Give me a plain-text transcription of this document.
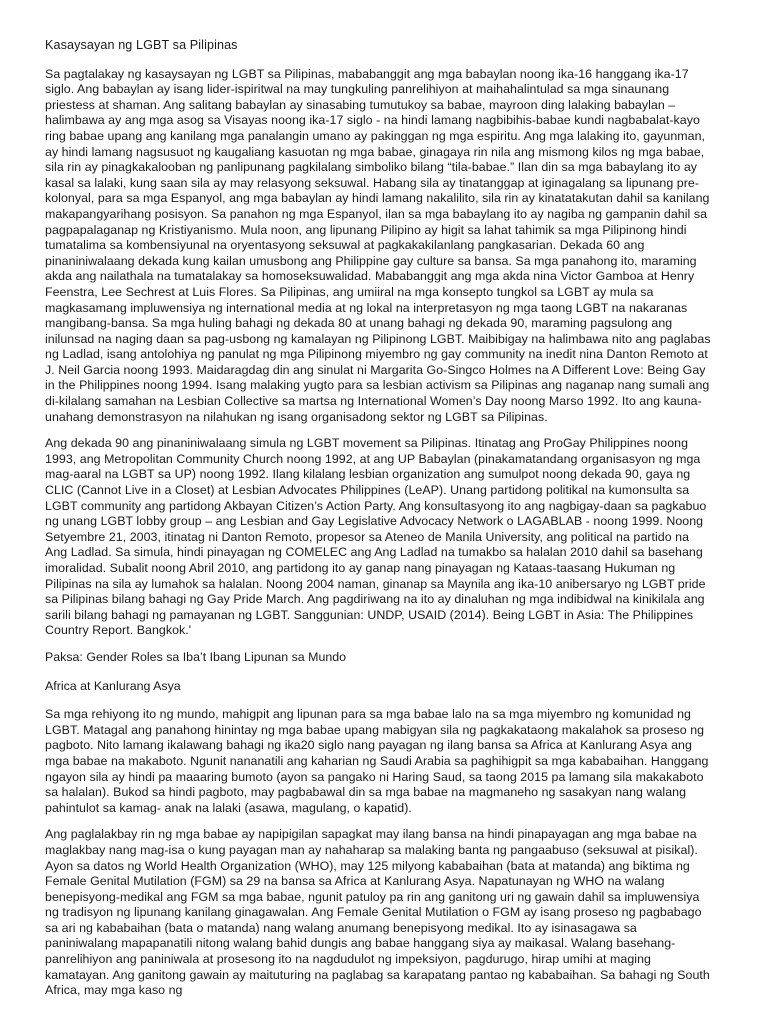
Kasaysayan ng LGBT sa Pilipinas

Sa pagtalakay ng kasaysayan ng LGBT sa Pilipinas, mababanggit ang mga babaylan noong ika-16 hanggang ika-17 siglo. Ang babaylan ay isang lider-ispiritwal na may tungkuling panrelihiyon at maihahalintulad sa mga sinaunang priestess at shaman. Ang salitang babaylan ay sinasabing tumutukoy sa babae, mayroon ding lalaking babaylan – halimbawa ay ang mga asog sa Visayas noong ika-17 siglo - na hindi lamang nagbibihis-babae kundi nagbabalat-kayo ring babae upang ang kanilang mga panalangin umano ay pakinggan ng mga espiritu. Ang mga lalaking ito, gayunman, ay hindi lamang nagsusuot ng kaugaliang kasuotan ng mga babae, ginagaya rin nila ang mismong kilos ng mga babae, sila rin ay pinagkakalooban ng panlipunang pagkilalang simboliko bilang “tila-babae.” Ilan din sa mga babaylang ito ay kasal sa lalaki, kung saan sila ay may relasyong seksuwal. Habang sila ay tinatanggap at iginagalang sa lipunang pre-kolonyal, para sa mga Espanyol, ang mga babaylan ay hindi lamang nakalilito, sila rin ay kinatatakutan dahil sa kanilang makapangyarihang posisyon. Sa panahon ng mga Espanyol, ilan sa mga babaylang ito ay nagiba ng gampanin dahil sa pagpapalaganap ng Kristiyanismo. Mula noon, ang lipunang Pilipino ay higit sa lahat tahimik sa mga Pilipinong hindi tumatalima sa kombensiyunal na oryentasyong seksuwal at pagkakakilanlang pangkasarian. Dekada 60 ang pinaniniwalaang dekada kung kailan umusbong ang Philippine gay culture sa bansa. Sa mga panahong ito, maraming akda ang nailathala na tumatalakay sa homoseksuwalidad. Mababanggit ang mga akda nina Victor Gamboa at Henry Feenstra, Lee Sechrest at Luis Flores. Sa Pilipinas, ang umiiral na mga konsepto tungkol sa LGBT ay mula sa magkasamang impluwensiya ng international media at ng lokal na interpretasyon ng mga taong LGBT na nakaranas mangibang-bansa. Sa mga huling bahagi ng dekada 80 at unang bahagi ng dekada 90, maraming pagsulong ang inilunsad na naging daan sa pag-usbong ng kamalayan ng Pilipinong LGBT. Maibibigay na halimbawa nito ang paglabas ng Ladlad, isang antolohiya ng panulat ng mga Pilipinong miyembro ng gay community na inedit nina Danton Remoto at J. Neil Garcia noong 1993. Maidaragdag din ang sinulat ni Margarita Go-Singco Holmes na A Different Love: Being Gay in the Philippines noong 1994. Isang malaking yugto para sa lesbian activism sa Pilipinas ang naganap nang sumali ang di-kilalang samahan na Lesbian Collective sa martsa ng International Women’s Day noong Marso 1992. Ito ang kauna-unahang demonstrasyon na nilahukan ng isang organisadong sektor ng LGBT sa Pilipinas.

Ang dekada 90 ang pinaniniwalaang simula ng LGBT movement sa Pilipinas. Itinatag ang ProGay Philippines noong 1993, ang Metropolitan Community Church noong 1992, at ang UP Babaylan (pinakamatandang organisasyon ng mga mag-aaral na LGBT sa UP) noong 1992. Ilang kilalang lesbian organization ang sumulpot noong dekada 90, gaya ng CLIC (Cannot Live in a Closet) at Lesbian Advocates Philippines (LeAP). Unang partidong politikal na kumonsulta sa LGBT community ang partidong Akbayan Citizen’s Action Party. Ang konsultasyong ito ang nagbigay-daan sa pagkabuo ng unang LGBT lobby group – ang Lesbian and Gay Legislative Advocacy Network o LAGABLAB - noong 1999. Noong Setyembre 21, 2003, itinatag ni Danton Remoto, propesor sa Ateneo de Manila University, ang political na partido na Ang Ladlad. Sa simula, hindi pinayagan ng COMELEC ang Ang Ladlad na tumakbo sa halalan 2010 dahil sa basehang imoralidad. Subalit noong Abril 2010, ang partidong ito ay ganap nang pinayagan ng Kataas-taasang Hukuman ng Pilipinas na sila ay lumahok sa halalan. Noong 2004 naman, ginanap sa Maynila ang ika-10 anibersaryo ng LGBT pride sa Pilipinas bilang bahagi ng Gay Pride March. Ang pagdiriwang na ito ay dinaluhan ng mga indibidwal na kinikilala ang sarili bilang bahagi ng pamayanan ng LGBT. Sanggunian: UNDP, USAID (2014). Being LGBT in Asia: The Philippines Country Report. Bangkok.'

Paksa: Gender Roles sa Iba’t Ibang Lipunan sa Mundo
Africa at Kanlurang Asya

Sa mga rehiyong ito ng mundo, mahigpit ang lipunan para sa mga babae lalo na sa mga miyembro ng komunidad ng LGBT. Matagal ang panahong hinintay ng mga babae upang mabigyan sila ng pagkakataong makalahok sa proseso ng pagboto. Nito lamang ikalawang bahagi ng ika20 siglo nang payagan ng ilang bansa sa Africa at Kanlurang Asya ang mga babae na makaboto. Ngunit nananatili ang kaharian ng Saudi Arabia sa paghihigpit sa mga kababaihan. Hanggang ngayon sila ay hindi pa maaaring bumoto (ayon sa pangako ni Haring Saud, sa taong 2015 pa lamang sila makakaboto sa halalan). Bukod sa hindi pagboto, may pagbabawal din sa mga babae na magmaneho ng sasakyan nang walang pahintulot sa kamag- anak na lalaki (asawa, magulang, o kapatid).

Ang paglalakbay rin ng mga babae ay napipigilan sapagkat may ilang bansa na hindi pinapayagan ang mga babae na maglakbay nang mag-isa o kung payagan man ay nahaharap sa malaking banta ng pangaabuso (seksuwal at pisikal). Ayon sa datos ng World Health Organization (WHO), may 125 milyong kababaihan (bata at matanda) ang biktima ng Female Genital Mutilation (FGM) sa 29 na bansa sa Africa at Kanlurang Asya. Napatunayan ng WHO na walang benepisyong-medikal ang FGM sa mga babae, ngunit patuloy pa rin ang ganitong uri ng gawain dahil sa impluwensiya ng tradisyon ng lipunang kanilang ginagawalan. Ang Female Genital Mutilation o FGM ay isang proseso ng pagbabago sa ari ng kababaihan (bata o matanda) nang walang anumang benepisyong medikal. Ito ay isinasagawa sa paniniwalang mapapanatili nitong walang bahid dungis ang babae hanggang siya ay maikasal. Walang basehang-panrelihiyon ang paniniwala at prosesong ito na nagdudulot ng impeksiyon, pagdurugo, hirap umihi at maging kamatayan. Ang ganitong gawain ay maituturing na paglabag sa karapatang pantao ng kababaihan. Sa bahagi ng South Africa, may mga kaso ng
